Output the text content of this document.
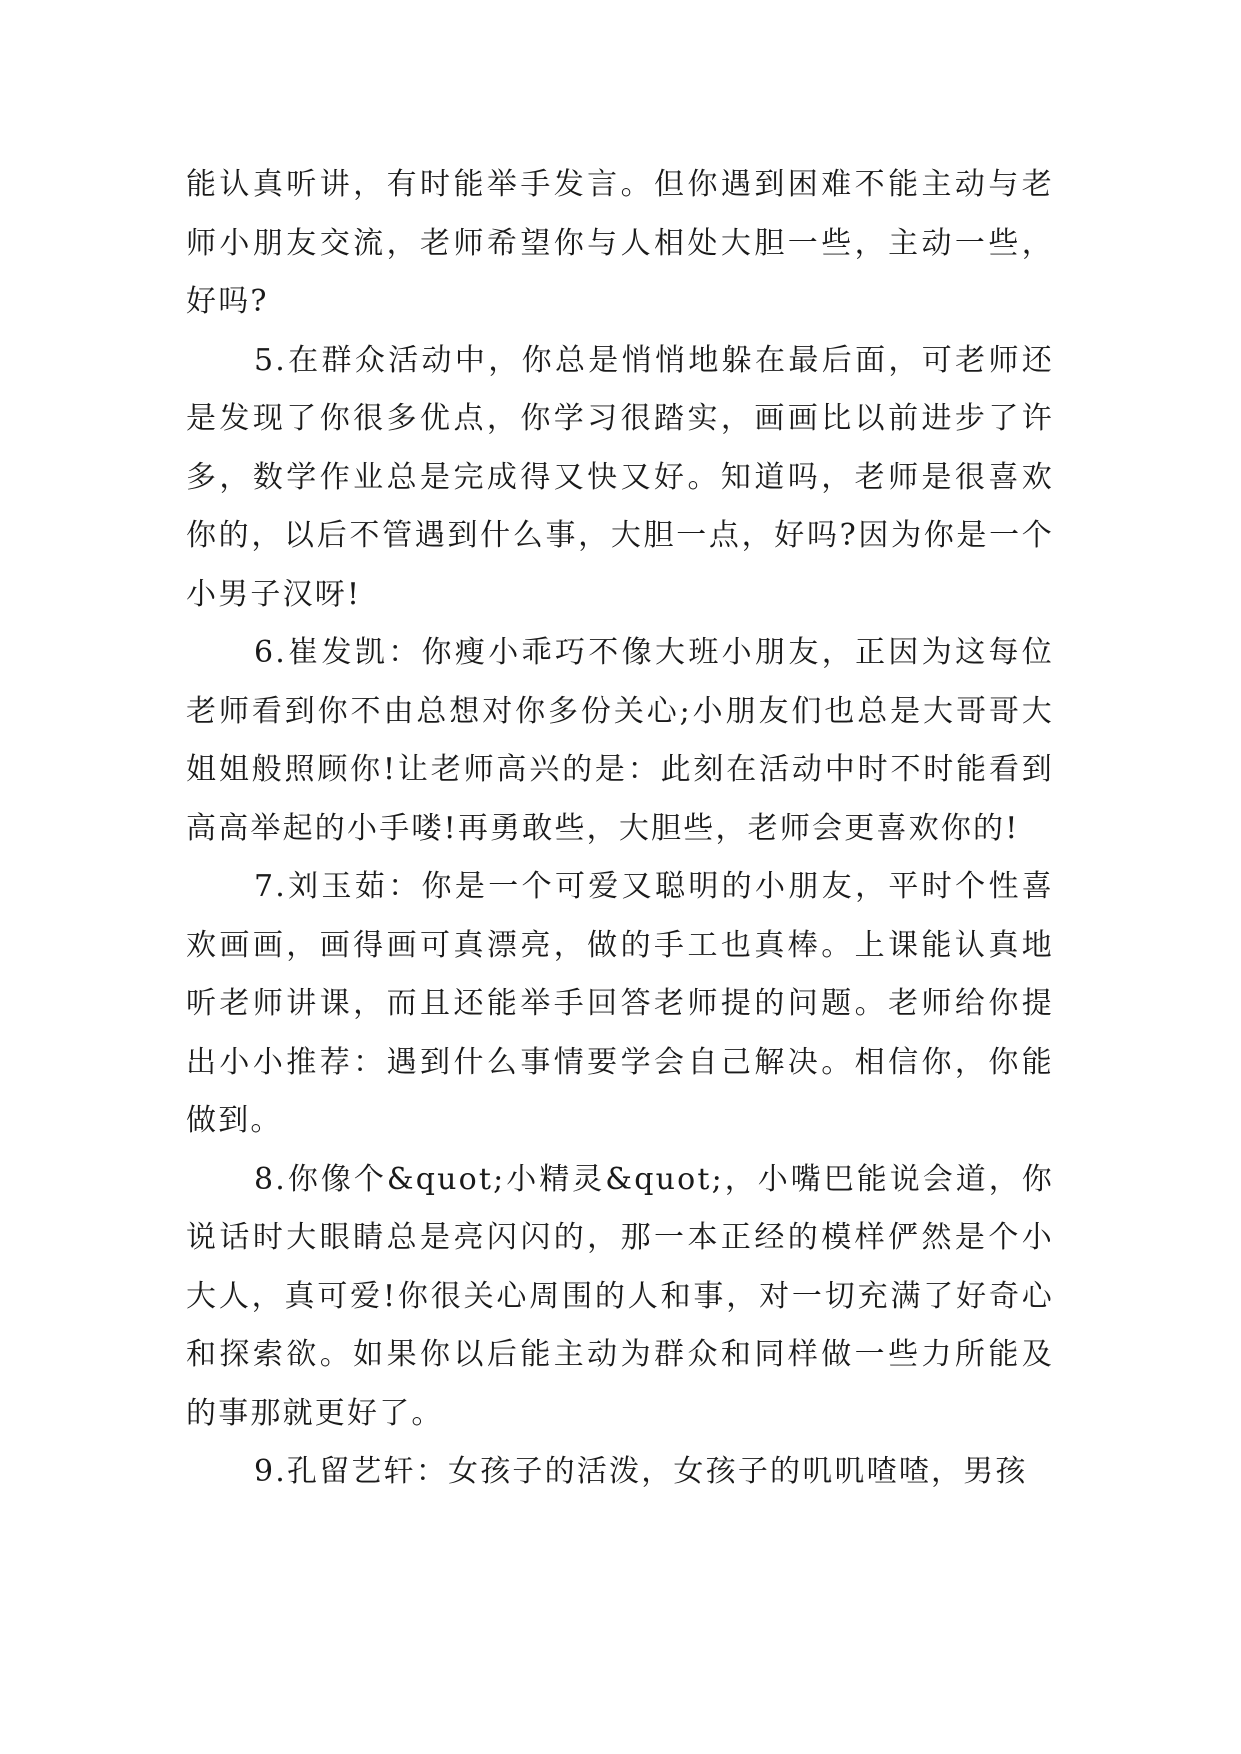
能认真听讲，有时能举手发言。但你遇到困难不能主动与老师小朋友交流，老师希望你与人相处大胆一些，主动一些，好吗?

5.在群众活动中，你总是悄悄地躲在最后面，可老师还是发现了你很多优点，你学习很踏实，画画比以前进步了许多，数学作业总是完成得又快又好。知道吗，老师是很喜欢你的，以后不管遇到什么事，大胆一点，好吗?因为你是一个小男子汉呀!

6.崔发凯：你瘦小乖巧不像大班小朋友，正因为这每位老师看到你不由总想对你多份关心;小朋友们也总是大哥哥大姐姐般照顾你!让老师高兴的是：此刻在活动中时不时能看到高高举起的小手喽!再勇敢些，大胆些，老师会更喜欢你的!

7.刘玉茹：你是一个可爱又聪明的小朋友，平时个性喜欢画画，画得画可真漂亮，做的手工也真棒。上课能认真地听老师讲课，而且还能举手回答老师提的问题。老师给你提出小小推荐：遇到什么事情要学会自己解决。相信你，你能做到。

8.你像个&quot;小精灵&quot;，小嘴巴能说会道，你说话时大眼睛总是亮闪闪的，那一本正经的模样俨然是个小大人，真可爱!你很关心周围的人和事，对一切充满了好奇心和探索欲。如果你以后能主动为群众和同样做一些力所能及的事那就更好了。

9.孔留艺轩：女孩子的活泼，女孩子的叽叽喳喳，男孩
